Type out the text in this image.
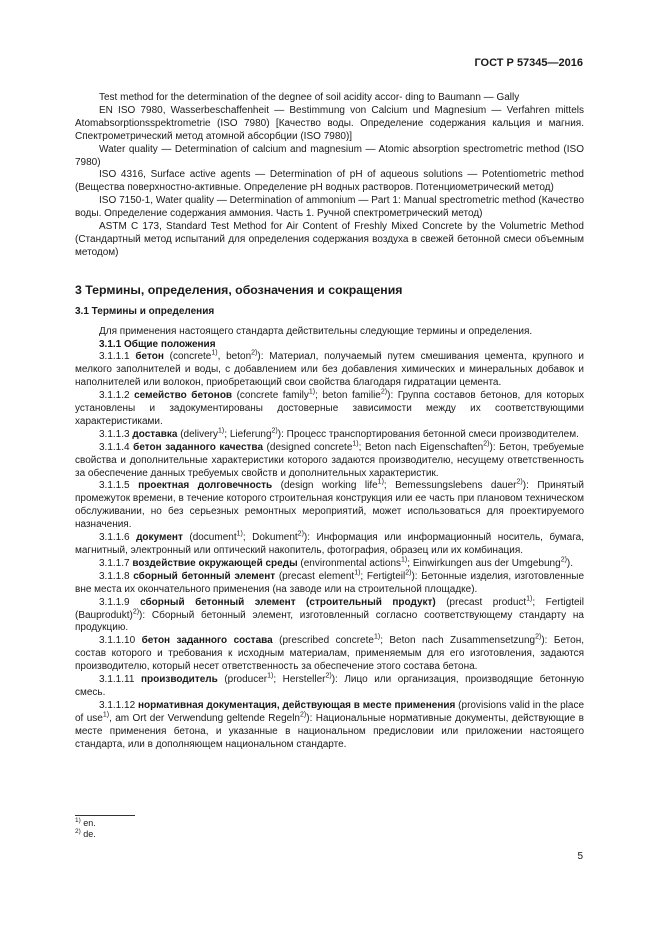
ГОСТ Р 57345—2016

Test method for the determination of the degnee of soil acidity accor- ding to Baumann — Gally

EN ISO 7980, Wasserbeschaffenheit — Bestimmung von Calcium und Magnesium — Verfahren mittels Atomabsorptionsspektrometrie (ISO 7980) [Качество воды. Определение содержания кальция и магния. Спектрометрический метод атомной абсорбции (ISO 7980)]

Water quality — Determination of calcium and magnesium — Atomic absorption spectrometric method (ISO 7980)

ISO 4316, Surface active agents — Determination of pH of aqueous solutions — Potentiometric method (Вещества поверхностно-активные. Определение pH водных растворов. Потенциометрический метод)

ISO 7150-1, Water quality — Determination of ammonium — Part 1: Manual spectrometric method (Качество воды. Определение содержания аммония. Часть 1. Ручной спектрометрический метод)

ASTM C 173, Standard Test Method for Air Content of Freshly Mixed Concrete by the Volumetric Method (Стандартный метод испытаний для определения содержания воздуха в свежей бетонной смеси объемным методом)

3 Термины, определения, обозначения и сокращения

3.1 Термины и определения

Для применения настоящего стандарта действительны следующие термины и определения.

3.1.1 Общие положения

3.1.1.1 бетон (concrete$^{1)}$, beton$^{2)}$): Материал, получаемый путем смешивания цемента, крупного и мелкого заполнителей и воды, с добавлением или без добавления химических и минеральных добавок и наполнителей или волокон, приобретающий свои свойства благодаря гидратации цемента.

3.1.1.2 семейство бетонов (concrete family$^{1)}$; beton familie$^{2)}$): Группа составов бетонов, для которых установлены и задокументированы достоверные зависимости между их соответствующими характеристиками.

3.1.1.3 доставка (delivery$^{1)}$; Lieferung$^{2)}$): Процесс транспортирования бетонной смеси производителем.

3.1.1.4 бетон заданного качества (designed concrete$^{1)}$; Beton nach Eigenschaften$^{2)}$): Бетон, требуемые свойства и дополнительные характеристики которого задаются производителю, несущему ответственность за обеспечение данных требуемых свойств и дополнительных характеристик.

3.1.1.5 проектная долговечность (design working life$^{1)}$; Bemessungslebens dauer$^{2)}$): Принятый промежуток времени, в течение которого строительная конструкция или ее часть при плановом техническом обслуживании, но без серьезных ремонтных мероприятий, может использоваться для проектируемого назначения.

3.1.1.6 документ (document$^{1)}$; Dokument$^{2)}$): Информация или информационный носитель, бумага, магнитный, электронный или оптический накопитель, фотография, образец или их комбинация.

3.1.1.7 воздействие окружающей среды (environmental actions$^{1)}$; Einwirkungen aus der Umgebung$^{2)}$).

3.1.1.8 сборный бетонный элемент (precast element$^{1)}$; Fertigteil$^{2)}$): Бетонные изделия, изготовленные вне места их окончательного применения (на заводе или на строительной площадке).

3.1.1.9 сборный бетонный элемент (строительный продукт) (precast product$^{1)}$; Fertigteil (Bauprodukt)$^{2)}$): Сборный бетонный элемент, изготовленный согласно соответствующему стандарту на продукцию.

3.1.1.10 бетон заданного состава (prescribed concrete$^{1)}$; Beton nach Zusammensetzung$^{2)}$): Бетон, состав которого и требования к исходным материалам, применяемым для его изготовления, задаются производителю, который несет ответственность за обеспечение этого состава бетона.

3.1.1.11 производитель (producer$^{1)}$; Hersteller$^{2)}$): Лицо или организация, производящие бетонную смесь.

3.1.1.12 нормативная документация, действующая в месте применения (provisions valid in the place of use$^{1)}$, am Ort der Verwendung geltende Regeln$^{2)}$): Национальные нормативные документы, действующие в месте применения бетона, и указанные в национальном предисловии или приложении настоящего стандарта, или в дополняющем национальном стандарте.

$^{1)}$ en.
$^{2)}$ de.
5
